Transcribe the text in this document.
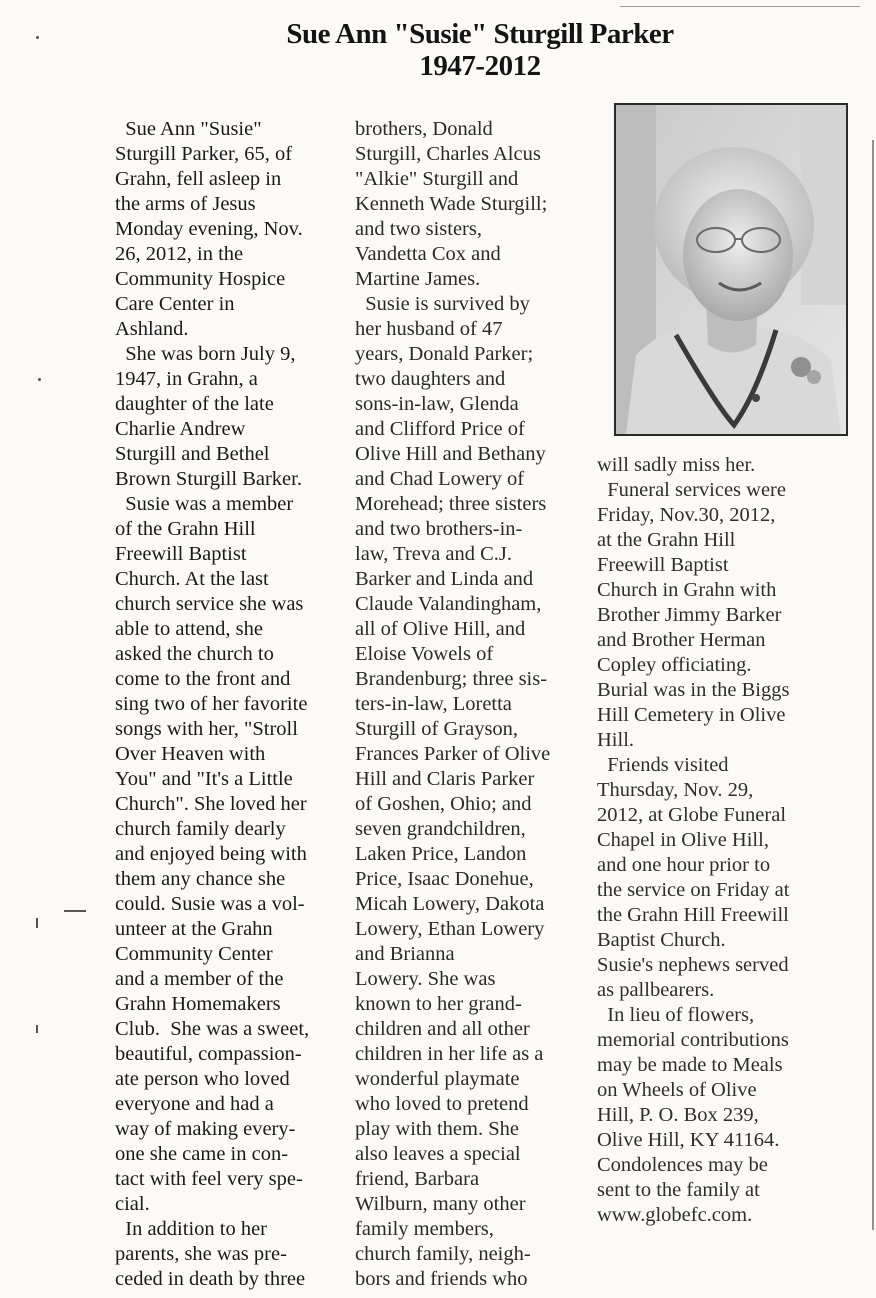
Sue Ann "Susie" Sturgill Parker
1947-2012
Sue Ann "Susie"
Sturgill Parker, 65, of
Grahn, fell asleep in
the arms of Jesus
Monday evening, Nov.
26, 2012, in the
Community Hospice
Care Center in
Ashland.
She was born July 9,
1947, in Grahn, a
daughter of the late
Charlie Andrew
Sturgill and Bethel
Brown Sturgill Barker.
Susie was a member
of the Grahn Hill
Freewill Baptist
Church. At the last
church service she was
able to attend, she
asked the church to
come to the front and
sing two of her favorite
songs with her, "Stroll
Over Heaven with
You" and "It's a Little
Church". She loved her
church family dearly
and enjoyed being with
them any chance she
could. Susie was a vol-
unteer at the Grahn
Community Center
and a member of the
Grahn Homemakers
Club.  She was a sweet,
beautiful, compassion-
ate person who loved
everyone and had a
way of making every-
one she came in con-
tact with feel very spe-
cial.
In addition to her
parents, she was pre-
ceded in death by three
brothers, Donald
Sturgill, Charles Alcus
"Alkie" Sturgill and
Kenneth Wade Sturgill;
and two sisters,
Vandetta Cox and
Martine James.
Susie is survived by
her husband of 47
years, Donald Parker;
two daughters and
sons-in-law, Glenda
and Clifford Price of
Olive Hill and Bethany
and Chad Lowery of
Morehead; three sisters
and two brothers-in-
law, Treva and C.J.
Barker and Linda and
Claude Valandingham,
all of Olive Hill, and
Eloise Vowels of
Brandenburg; three sis-
ters-in-law, Loretta
Sturgill of Grayson,
Frances Parker of Olive
Hill and Claris Parker
of Goshen, Ohio; and
seven grandchildren,
Laken Price, Landon
Price, Isaac Donehue,
Micah Lowery, Dakota
Lowery, Ethan Lowery
and Brianna
Lowery. She was
known to her grand-
children and all other
children in her life as a
wonderful playmate
who loved to pretend
play with them. She
also leaves a special
friend, Barbara
Wilburn, many other
family members,
church family, neigh-
bors and friends who
will sadly miss her.
Funeral services were
Friday, Nov.30, 2012,
at the Grahn Hill
Freewill Baptist
Church in Grahn with
Brother Jimmy Barker
and Brother Herman
Copley officiating.
Burial was in the Biggs
Hill Cemetery in Olive
Hill.
Friends visited
Thursday, Nov. 29,
2012, at Globe Funeral
Chapel in Olive Hill,
and one hour prior to
the service on Friday at
the Grahn Hill Freewill
Baptist Church.
Susie's nephews served
as pallbearers.
In lieu of flowers,
memorial contributions
may be made to Meals
on Wheels of Olive
Hill, P. O. Box 239,
Olive Hill, KY 41164.
Condolences may be
sent to the family at
www.globefc.com.
